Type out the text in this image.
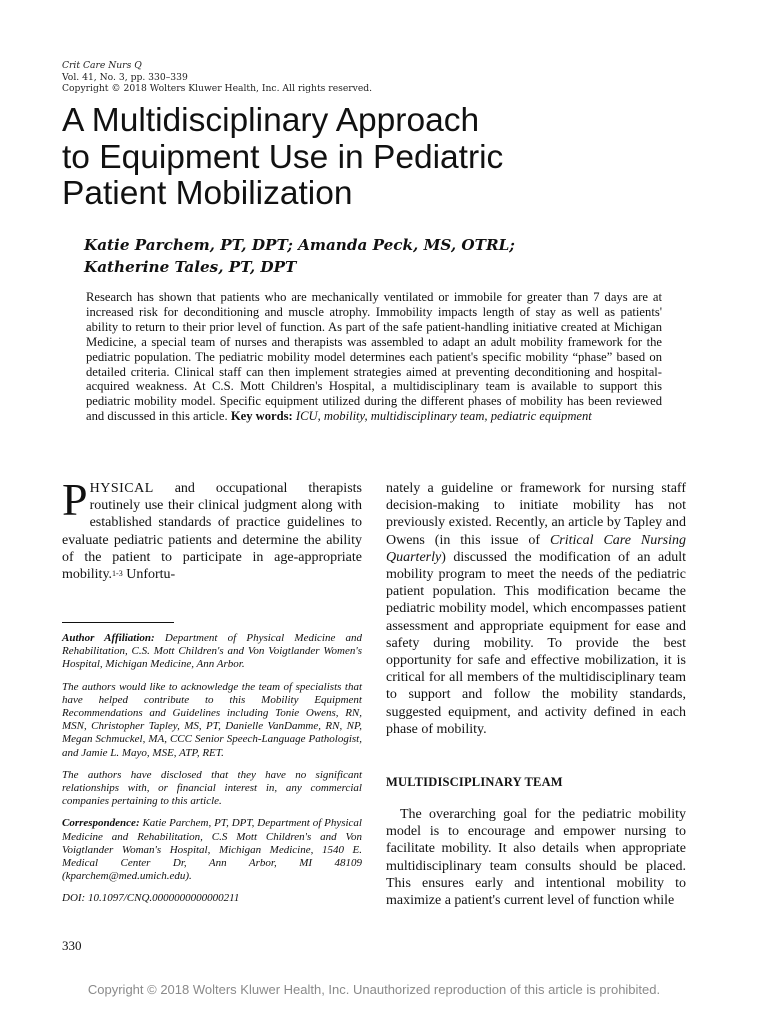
Crit Care Nurs Q
Vol. 41, No. 3, pp. 330–339
Copyright © 2018 Wolters Kluwer Health, Inc. All rights reserved.
A Multidisciplinary Approach
to Equipment Use in Pediatric
Patient Mobilization
Katie Parchem, PT, DPT; Amanda Peck, MS, OTRL;
Katherine Tales, PT, DPT
Research has shown that patients who are mechanically ventilated or immobile for greater than 7 days are at increased risk for deconditioning and muscle atrophy. Immobility impacts length of stay as well as patients' ability to return to their prior level of function. As part of the safe patient-handling initiative created at Michigan Medicine, a special team of nurses and therapists was assembled to adapt an adult mobility framework for the pediatric population. The pediatric mobility model determines each patient's specific mobility “phase” based on detailed criteria. Clinical staff can then implement strategies aimed at preventing deconditioning and hospital-acquired weakness. At C.S. Mott Children's Hospital, a multidisciplinary team is available to support this pediatric mobility model. Specific equipment utilized during the different phases of mobility has been reviewed and discussed in this article. Key words: ICU, mobility, multidisciplinary team, pediatric equipment
PHYSICAL and occupational therapists routinely use their clinical judgment along with established standards of practice guidelines to evaluate pediatric patients and determine the ability of the patient to participate in age-appropriate mobility.$^{1-3}$ Unfortu-

Author Affiliation: Department of Physical Medicine and Rehabilitation, C.S. Mott Children's and Von Voigtlander Women's Hospital, Michigan Medicine, Ann Arbor.

The authors would like to acknowledge the team of specialists that have helped contribute to this Mobility Equipment Recommendations and Guidelines including Tonie Owens, RN, MSN, Christopher Tapley, MS, PT, Danielle VanDamme, RN, NP, Megan Schmuckel, MA, CCC Senior Speech-Language Pathologist, and Jamie L. Mayo, MSE, ATP, RET.

The authors have disclosed that they have no significant relationships with, or financial interest in, any commercial companies pertaining to this article.

Correspondence: Katie Parchem, PT, DPT, Department of Physical Medicine and Rehabilitation, C.S Mott Children's and Von Voigtlander Woman's Hospital, Michigan Medicine, 1540 E. Medical Center Dr, Ann Arbor, MI 48109 (kparchem@med.umich.edu).

DOI: 10.1097/CNQ.0000000000000211

nately a guideline or framework for nursing staff decision-making to initiate mobility has not previously existed. Recently, an article by Tapley and Owens (in this issue of Critical Care Nursing Quarterly) discussed the modification of an adult mobility program to meet the needs of the pediatric patient population. This modification became the pediatric mobility model, which encompasses patient assessment and appropriate equipment for ease and safety during mobility. To provide the best opportunity for safe and effective mobilization, it is critical for all members of the multidisciplinary team to support and follow the mobility standards, suggested equipment, and activity defined in each phase of mobility.
MULTIDISCIPLINARY TEAM
The overarching goal for the pediatric mobility model is to encourage and empower nursing to facilitate mobility. It also details when appropriate multidisciplinary team consults should be placed. This ensures early and intentional mobility to maximize a patient's current level of function while
330
Copyright © 2018 Wolters Kluwer Health, Inc. Unauthorized reproduction of this article is prohibited.
